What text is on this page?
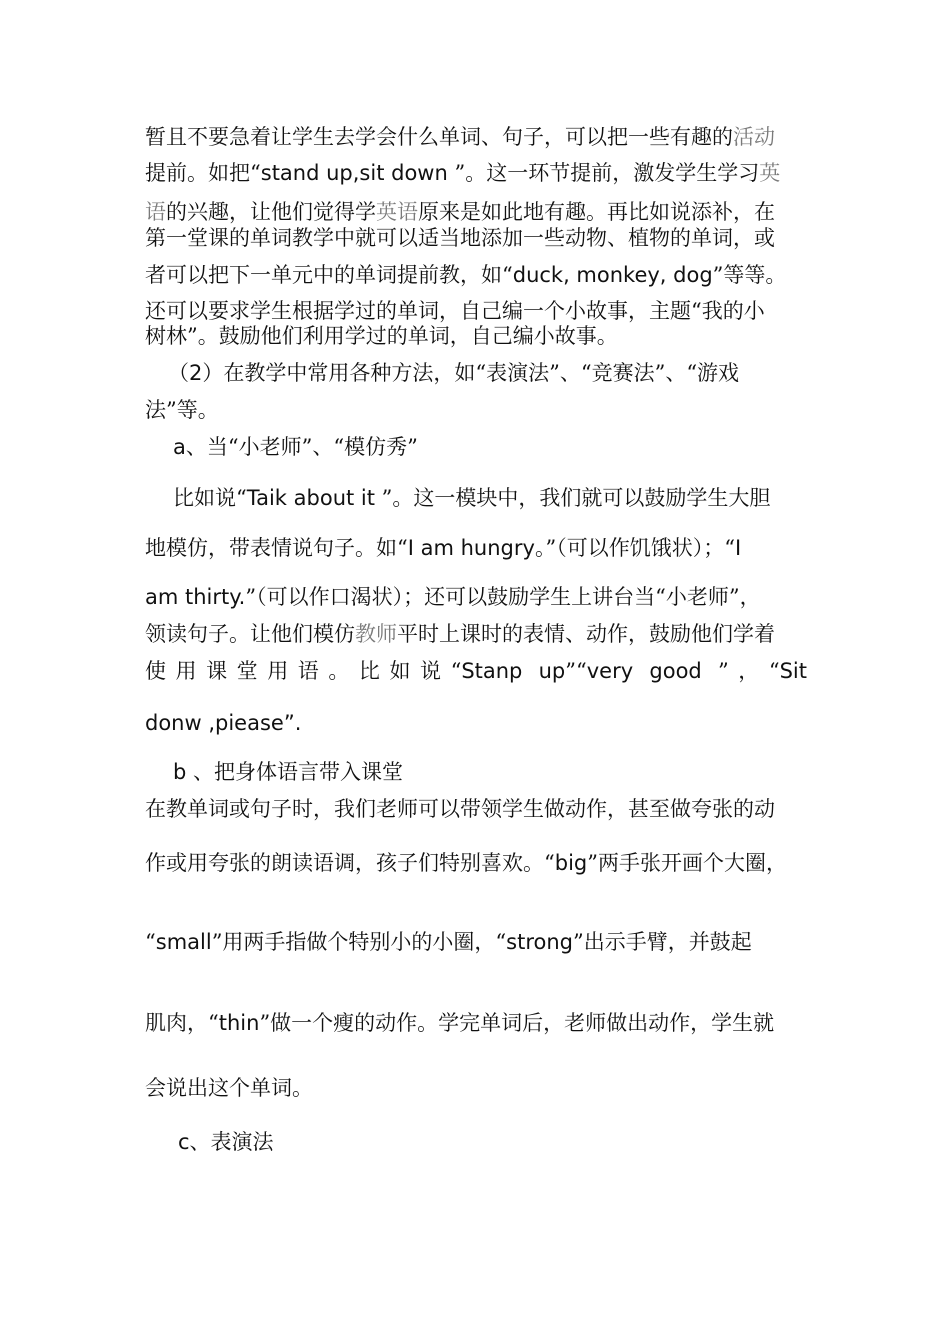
暂且不要急着让学生去学会什么单词、句子，可以把一些有趣的活动
提前。如把“stand up,sit down ”。这一环节提前，激发学生学习英
语的兴趣，让他们觉得学英语原来是如此地有趣。再比如说添补，在
第一堂课的单词教学中就可以适当地添加一些动物、植物的单词，或
者可以把下一单元中的单词提前教，如“duck, monkey, dog”等等。
还可以要求学生根据学过的单词，自己编一个小故事，主题“我的小
树林”。鼓励他们利用学过的单词，自己编小故事。
（2）在教学中常用各种方法，如“表演法”、“竞赛法”、“游戏
法”等。
a、当“小老师”、“模仿秀”
比如说“Taik about it ”。这一模块中，我们就可以鼓励学生大胆
地模仿，带表情说句子。如“I am hungry。”（可以作饥饿状）；“I
am thirty.”（可以作口渴状）；还可以鼓励学生上讲台当“小老师”，
领读句子。让他们模仿教师平时上课时的表情、动作，鼓励他们学着
使用课堂用语。比如说“Stanp up”“very good ”，“Sit
donw ,piease”.
b 、把身体语言带入课堂
在教单词或句子时，我们老师可以带领学生做动作，甚至做夸张的动
作或用夸张的朗读语调，孩子们特别喜欢。“big”两手张开画个大圈，
“small”用两手指做个特别小的小圈，“strong”出示手臂，并鼓起
肌肉，“thin”做一个瘦的动作。学完单词后，老师做出动作，学生就
会说出这个单词。
c、表演法
